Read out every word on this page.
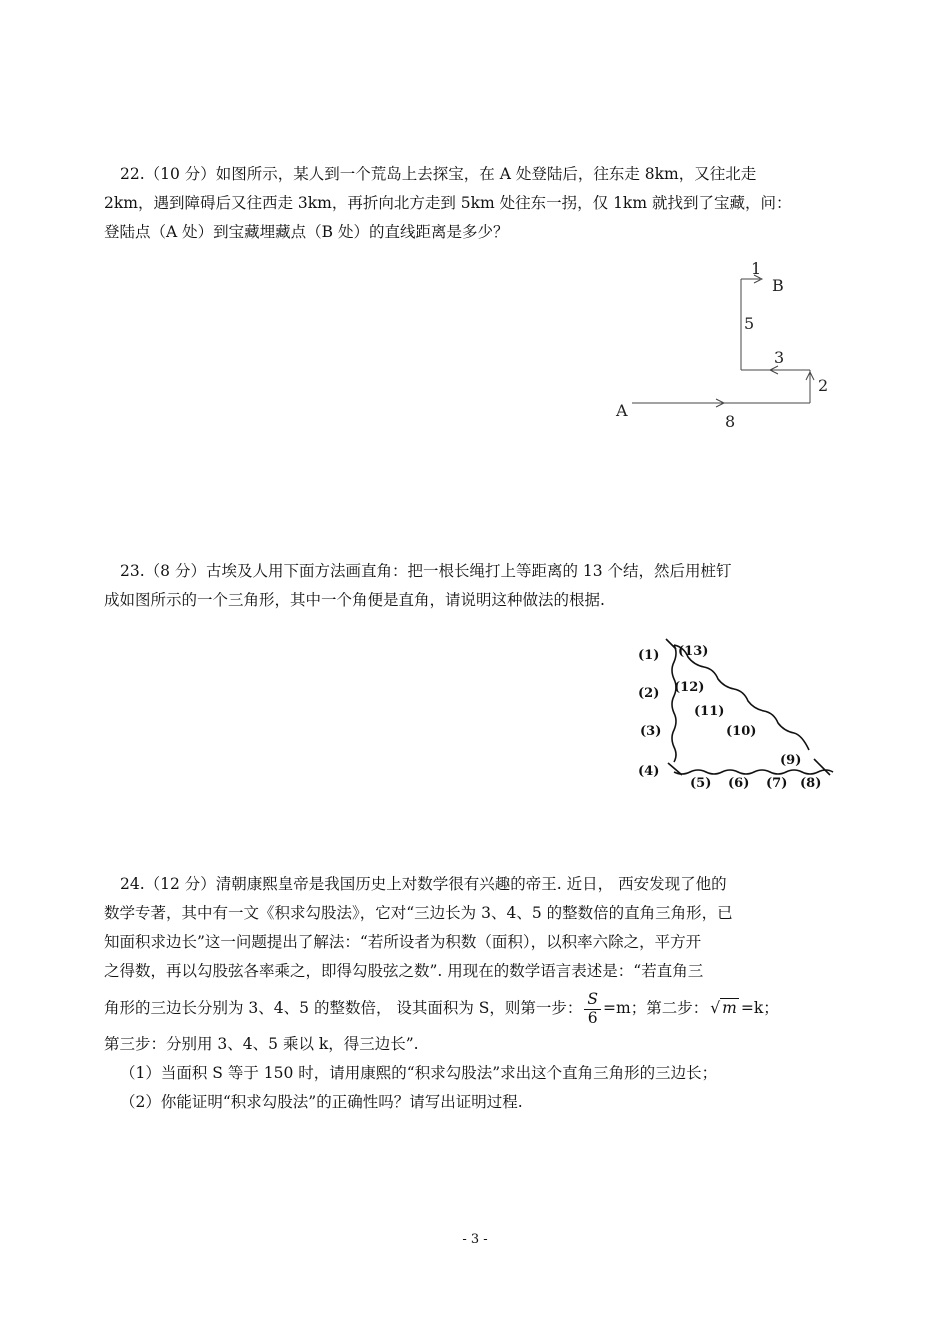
22.（10 分）如图所示，某人到一个荒岛上去探宝，在 A 处登陆后，往东走 8km，又往北走
2km，遇到障碍后又往西走 3km，再折向北方走到 5km 处往东一拐，仅 1km 就找到了宝藏，问：
登陆点（A 处）到宝藏埋藏点（B 处）的直线距离是多少？
A
B
1
5
3
2
8
23.（8 分）古埃及人用下面方法画直角：把一根长绳打上等距离的 13 个结，然后用桩钉
成如图所示的一个三角形，其中一个角便是直角，请说明这种做法的根据.
(1) (13)
(2) (12)
(11)
(10)
(3)
(4)
(5) (6) (7) (8)
(9)
24.（12 分）清朝康熙皇帝是我国历史上对数学很有兴趣的帝王. 近日， 西安发现了他的
数学专著，其中有一文《积求勾股法》，它对“三边长为 3、4、5 的整数倍的直角三角形，已
知面积求边长”这一问题提出了解法：“若所设者为积数（面积），以积率六除之，平方开
之得数，再以勾股弦各率乘之，即得勾股弦之数”. 用现在的数学语言表述是：“若直角三
角形的三边长分别为 3、4、5 的整数倍， 设其面积为 S，则第一步： $\frac{S}{6} =m$；第二步： √ m =k；
第三步：分别用 3、4、5 乘以 k，得三边长”.
（1）当面积 S 等于 150 时，请用康熙的“积求勾股法”求出这个直角三角形的三边长；
（2）你能证明“积求勾股法”的正确性吗？请写出证明过程.
- 3 -
